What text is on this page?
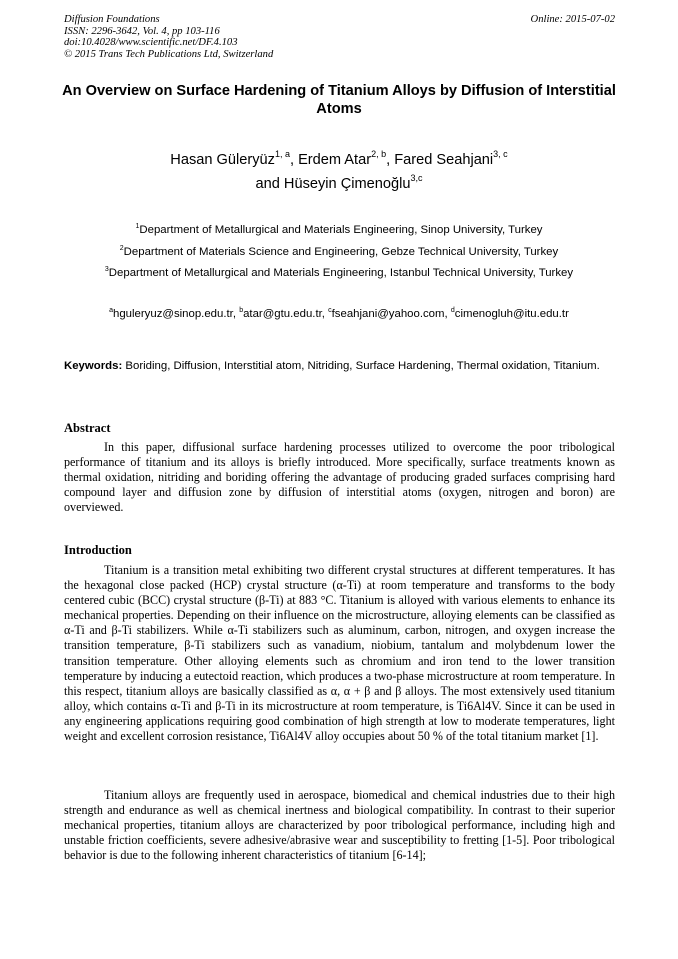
Diffusion Foundations
ISSN: 2296-3642, Vol. 4, pp 103-116
doi:10.4028/www.scientific.net/DF.4.103
© 2015 Trans Tech Publications Ltd, Switzerland
Online: 2015-07-02
An Overview on Surface Hardening of Titanium Alloys by Diffusion of Interstitial Atoms
Hasan Güleryüz$^{1, a}$, Erdem Atar$^{2, b}$, Fared Seahjani$^{3, c}$
and Hüseyin Çimenoğlu$^{3,c}$
$^1$Department of Metallurgical and Materials Engineering, Sinop University, Turkey
$^2$Department of Materials Science and Engineering, Gebze Technical University, Turkey
$^3$Department of Metallurgical and Materials Engineering, Istanbul Technical University, Turkey
$^a$hguleryuz@sinop.edu.tr, $^b$atar@gtu.edu.tr, $^c$fseahjani@yahoo.com, $^d$cimenogluh@itu.edu.tr
Keywords: Boriding, Diffusion, Interstitial atom, Nitriding, Surface Hardening, Thermal oxidation, Titanium.
Abstract
In this paper, diffusional surface hardening processes utilized to overcome the poor tribological performance of titanium and its alloys is briefly introduced. More specifically, surface treatments known as thermal oxidation, nitriding and boriding offering the advantage of producing graded surfaces comprising hard compound layer and diffusion zone by diffusion of interstitial atoms (oxygen, nitrogen and boron) are overviewed.
Introduction
Titanium is a transition metal exhibiting two different crystal structures at different temperatures. It has the hexagonal close packed (HCP) crystal structure (α-Ti) at room temperature and transforms to the body centered cubic (BCC) crystal structure (β-Ti) at 883 °C. Titanium is alloyed with various elements to enhance its mechanical properties. Depending on their influence on the microstructure, alloying elements can be classified as α-Ti and β-Ti stabilizers. While α-Ti stabilizers such as aluminum, carbon, nitrogen, and oxygen increase the transition temperature, β-Ti stabilizers such as vanadium, niobium, tantalum and molybdenum lower the transition temperature. Other alloying elements such as chromium and iron tend to the lower transition temperature by inducing a eutectoid reaction, which produces a two-phase microstructure at room temperature. In this respect, titanium alloys are basically classified as α, α + β and β alloys. The most extensively used titanium alloy, which contains α-Ti and β-Ti in its microstructure at room temperature, is Ti6Al4V. Since it can be used in any engineering applications requiring good combination of high strength at low to moderate temperatures, light weight and excellent corrosion resistance, Ti6Al4V alloy occupies about 50 % of the total titanium market [1].
Titanium alloys are frequently used in aerospace, biomedical and chemical industries due to their high strength and endurance as well as chemical inertness and biological compatibility. In contrast to their superior mechanical properties, titanium alloys are characterized by poor tribological performance, including high and unstable friction coefficients, severe adhesive/abrasive wear and susceptibility to fretting [1-5]. Poor tribological behavior is due to the following inherent characteristics of titanium [6-14];
